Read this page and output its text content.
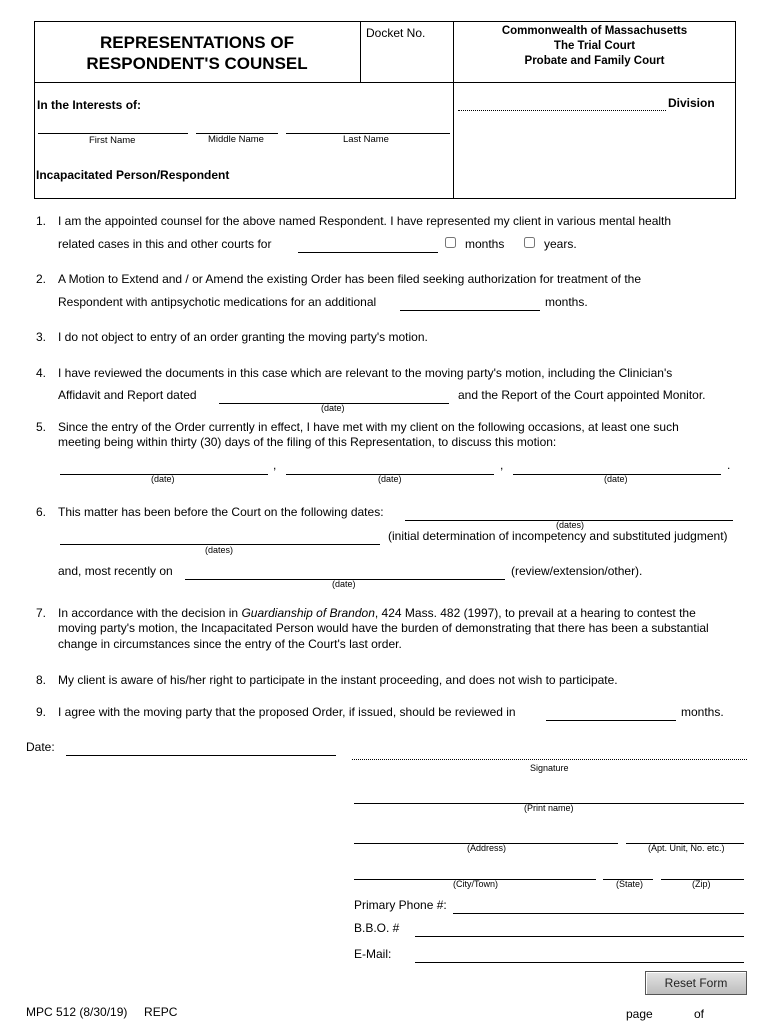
REPRESENTATIONS OF
RESPONDENT'S COUNSEL
Docket No.	Commonwealth of Massachusetts
The Trial Court
Probate and Family Court
In the Interests of:	Division
First Name	Middle Name	Last Name
Incapacitated Person/Respondent
1. I am the appointed counsel for the above named Respondent. I have represented my client in various mental health
related cases in this and other courts for	months	years.
2. A Motion to Extend and / or Amend the existing Order has been filed seeking authorization for treatment of the
Respondent with antipsychotic medications for an additional	months.
3. I do not object to entry of an order granting the moving party's motion.
4. I have reviewed the documents in this case which are relevant to the moving party's motion, including the Clinician's
Affidavit and Report dated	and the Report of the Court appointed Monitor.
(date)
5. Since the entry of the Order currently in effect, I have met with my client on the following occasions, at least one such
meeting being within thirty (30) days of the filing of this Representation, to discuss this motion:
,	,	.
(date)	(date)	(date)
6. This matter has been before the Court on the following dates:
(dates)
(initial determination of incompetency and substituted judgment)
(dates)
and, most recently on	(review/extension/other).
(date)
7. In accordance with the decision in Guardianship of Brandon, 424 Mass. 482 (1997), to prevail at a hearing to contest the
moving party's motion, the Incapacitated Person would have the burden of demonstrating that there has been a substantial
change in circumstances since the entry of the Court's last order.
8. My client is aware of his/her right to participate in the instant proceeding, and does not wish to participate.
9. I agree with the moving party that the proposed Order, if issued, should be reviewed in	months.
Date:
Signature
(Print name)
(Address)	(Apt. Unit, No. etc.)
(City/Town)	(State)	(Zip)
Primary Phone #:
B.B.O. #
E-Mail:
Reset Form
MPC 512 (8/30/19)     REPC	page	of
